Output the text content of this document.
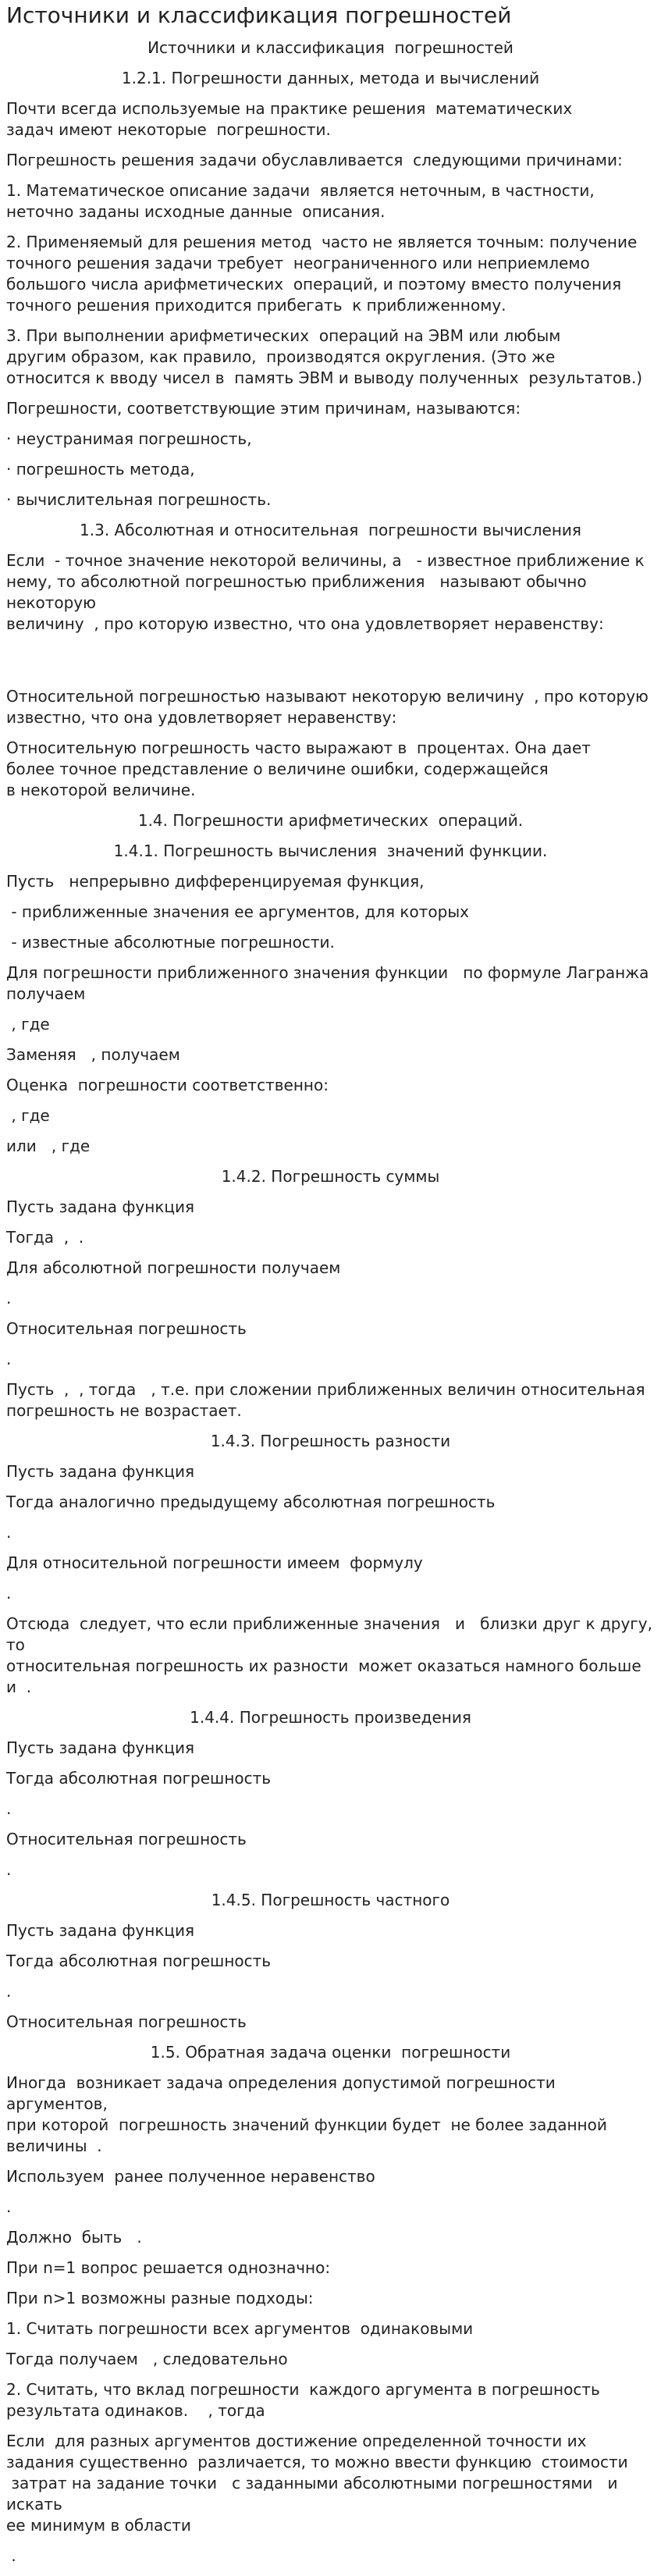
Источники и классификация погрешностей
Источники и классификация  погрешностей
1.2.1. Погрешности данных, метода и вычислений
Почти всегда используемые на практике решения  математических
задач имеют некоторые  погрешности.
Погрешность решения задачи обуславливается  следующими причинами:
1. Математическое описание задачи  является неточным, в частности,
неточно заданы исходные данные  описания.
2. Применяемый для решения метод  часто не является точным: получение
точного решения задачи требует  неограниченного или неприемлемо
большого числа арифметических  операций, и поэтому вместо получения
точного решения приходится прибегать  к приближенному.
3. При выполнении арифметических  операций на ЭВМ или любым
другим образом, как правило,  производятся округления. (Это же
относится к вводу чисел в  память ЭВМ и выводу полученных  результатов.)
Погрешности, соответствующие этим причинам, называются:
· неустранимая погрешность,
· погрешность метода,
· вычислительная погрешность.
1.3. Абсолютная и относительная  погрешности вычисления
Если  - точное значение некоторой величины, а   - известное приближение к
нему, то абсолютной погрешностью приближения   называют обычно некоторую
величину  , про которую известно, что она удовлетворяет неравенству:
Относительной погрешностью называют некоторую величину  , про которую
известно, что она удовлетворяет неравенству:
Относительную погрешность часто выражают в  процентах. Она дает
более точное представление о величине ошибки, содержащейся
в некоторой величине.
1.4. Погрешности арифметических  операций.
1.4.1. Погрешность вычисления  значений функции.
Пусть   непрерывно дифференцируемая функция,
- приближенные значения ее аргументов, для которых
- известные абсолютные погрешности.
Для погрешности приближенного значения функции   по формуле Лагранжа
получаем
, где
Заменяя   , получаем
Оценка  погрешности соответственно:
, где
или   , где
1.4.2. Погрешность суммы
Пусть задана функция
Тогда  ,  .
Для абсолютной погрешности получаем
.
Относительная погрешность
.
Пусть  ,  , тогда   , т.е. при сложении приближенных величин относительная
погрешность не возрастает.
1.4.3. Погрешность разности
Пусть задана функция
Тогда аналогично предыдущему абсолютная погрешность
.
Для относительной погрешности имеем  формулу
.
Отсюда  следует, что если приближенные значения   и   близки друг к другу, то
относительная погрешность их разности  может оказаться намного больше   и  .
1.4.4. Погрешность произведения
Пусть задана функция
Тогда абсолютная погрешность
.
Относительная погрешность
.
1.4.5. Погрешность частного
Пусть задана функция
Тогда абсолютная погрешность
.
Относительная погрешность
1.5. Обратная задача оценки  погрешности
Иногда  возникает задача определения допустимой погрешности аргументов,
при которой  погрешность значений функции будет  не более заданной
величины  .
Используем  ранее полученное неравенство
.
Должно  быть   .
При n=1 вопрос решается однозначно:
При n>1 возможны разные подходы:
1. Считать погрешности всех аргументов  одинаковыми
Тогда получаем   , следовательно
2. Считать, что вклад погрешности  каждого аргумента в погрешность
результата одинаков.    , тогда
Если  для разных аргументов достижение определенной точности их
задания существенно  различается, то можно ввести функцию  стоимости
затрат на задание точки   с заданными абсолютными погрешностями   и искать
ее минимум в области
.
